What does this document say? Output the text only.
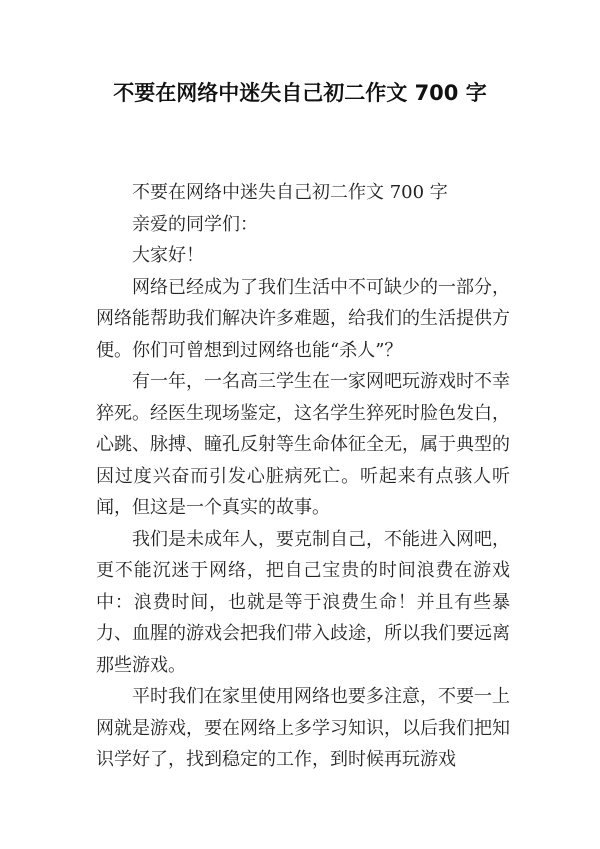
不要在网络中迷失自己初二作文 700 字

不要在网络中迷失自己初二作文 700 字

亲爱的同学们：

大家好！

网络已经成为了我们生活中不可缺少的一部分，网络能帮助我们解决许多难题，给我们的生活提供方便。你们可曾想到过网络也能“杀人”？

有一年，一名高三学生在一家网吧玩游戏时不幸猝死。经医生现场鉴定，这名学生猝死时脸色发白，心跳、脉搏、瞳孔反射等生命体征全无，属于典型的因过度兴奋而引发心脏病死亡。听起来有点骇人听闻，但这是一个真实的故事。

我们是未成年人，要克制自己，不能进入网吧，更不能沉迷于网络，把自己宝贵的时间浪费在游戏中：浪费时间，也就是等于浪费生命！并且有些暴力、血腥的游戏会把我们带入歧途，所以我们要远离那些游戏。

平时我们在家里使用网络也要多注意，不要一上网就是游戏，要在网络上多学习知识，以后我们把知识学好了，找到稳定的工作，到时候再玩游戏
